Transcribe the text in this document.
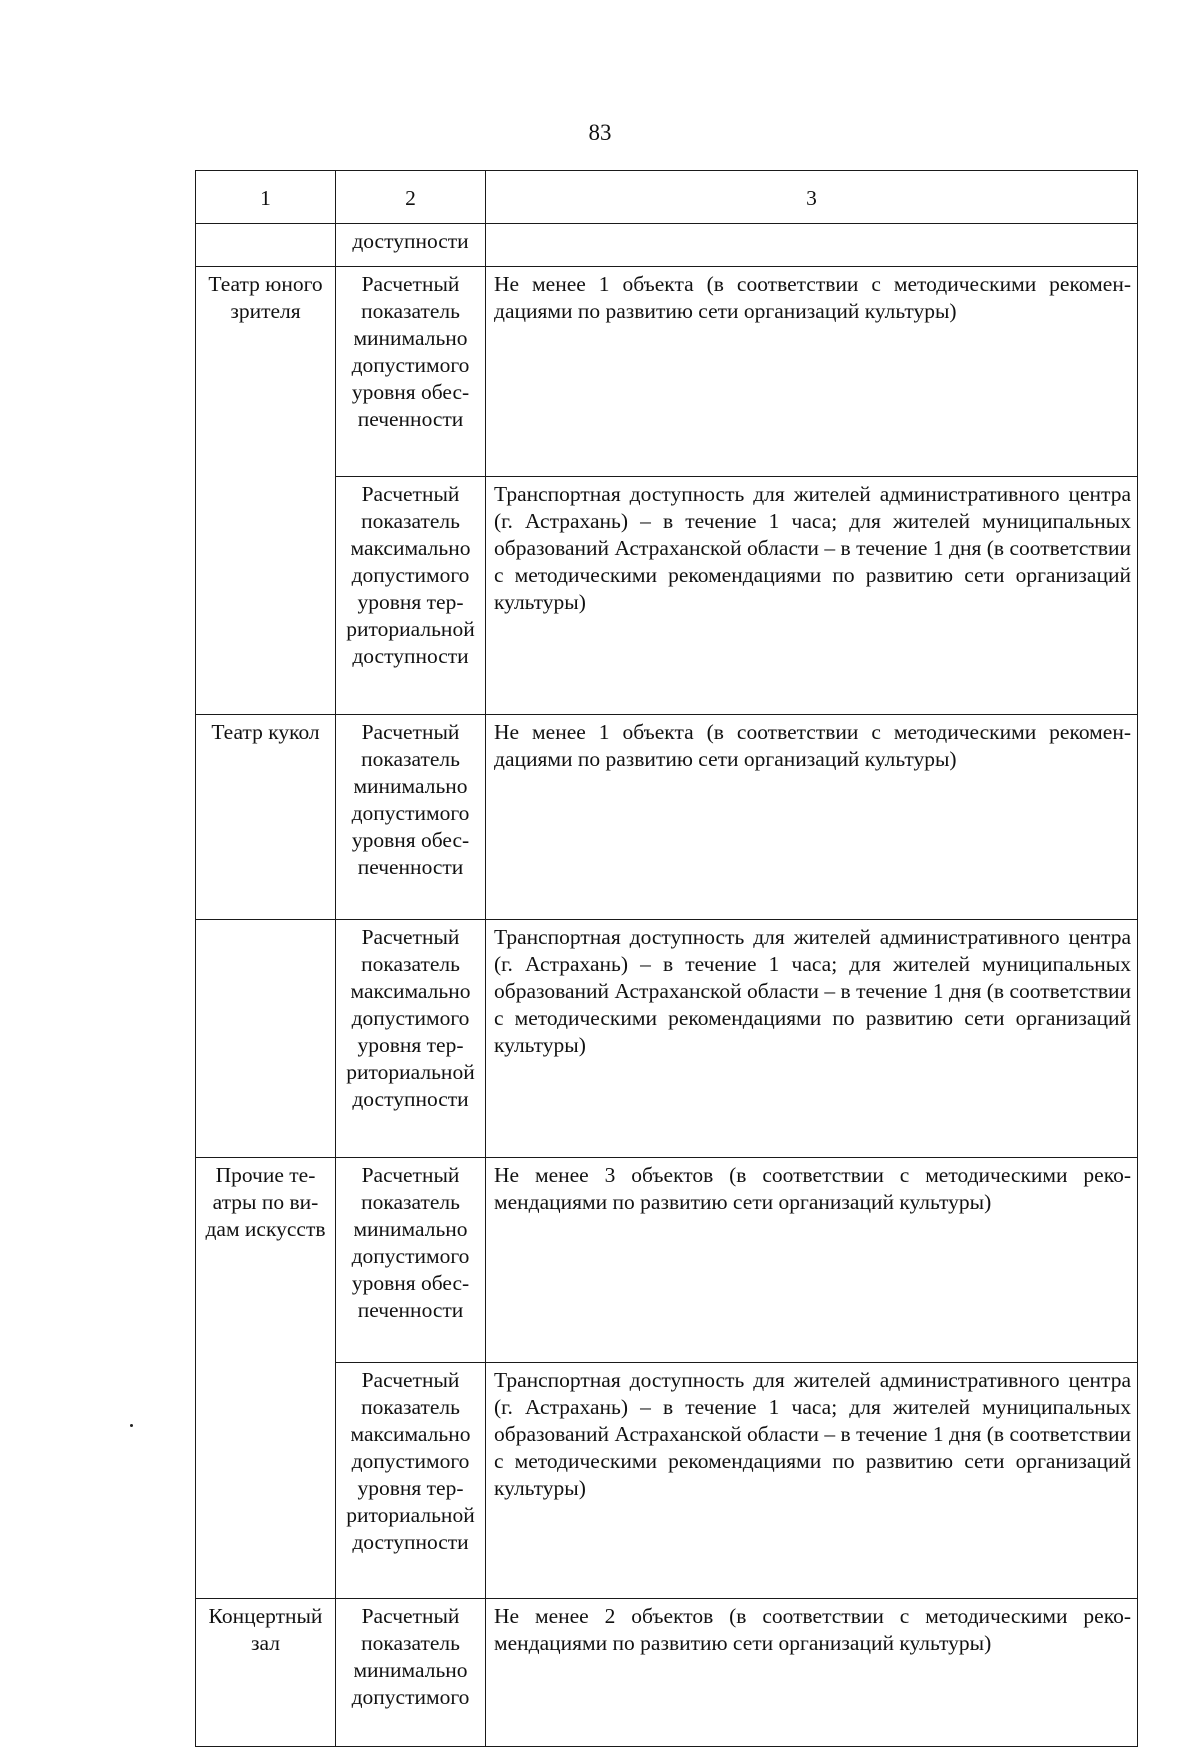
83
1	2	3
	доступности	
Театр юного зрителя	Расчетный показатель минимально допустимого уровня обеспеченности	Не менее 1 объекта (в соответствии с методическими рекомендациями по развитию сети организаций культуры)
	Расчетный показатель максимально допустимого уровня территориальной доступности	Транспортная доступность для жителей административного центра (г. Астрахань) – в течение 1 часа; для жителей муниципальных образований Астраханской области – в течение 1 дня (в соответствии с методическими рекомендациями по развитию сети организаций культуры)
Театр кукол	Расчетный показатель минимально допустимого уровня обеспеченности	Не менее 1 объекта (в соответствии с методическими рекомендациями по развитию сети организаций культуры)
	Расчетный показатель максимально допустимого уровня территориальной доступности	Транспортная доступность для жителей административного центра (г. Астрахань) – в течение 1 часа; для жителей муниципальных образований Астраханской области – в течение 1 дня (в соответствии с методическими рекомендациями по развитию сети организаций культуры)
Прочие театры по видам искусств	Расчетный показатель минимально допустимого уровня обеспеченности	Не менее 3 объектов (в соответствии с методическими рекомендациями по развитию сети организаций культуры)
	Расчетный показатель максимально допустимого уровня территориальной доступности	Транспортная доступность для жителей административного центра (г. Астрахань) – в течение 1 часа; для жителей муниципальных образований Астраханской области – в течение 1 дня (в соответствии с методическими рекомендациями по развитию сети организаций культуры)
Концертный зал	Расчетный показатель минимально допустимого	Не менее 2 объектов (в соответствии с методическими рекомендациями по развитию сети организаций культуры)
